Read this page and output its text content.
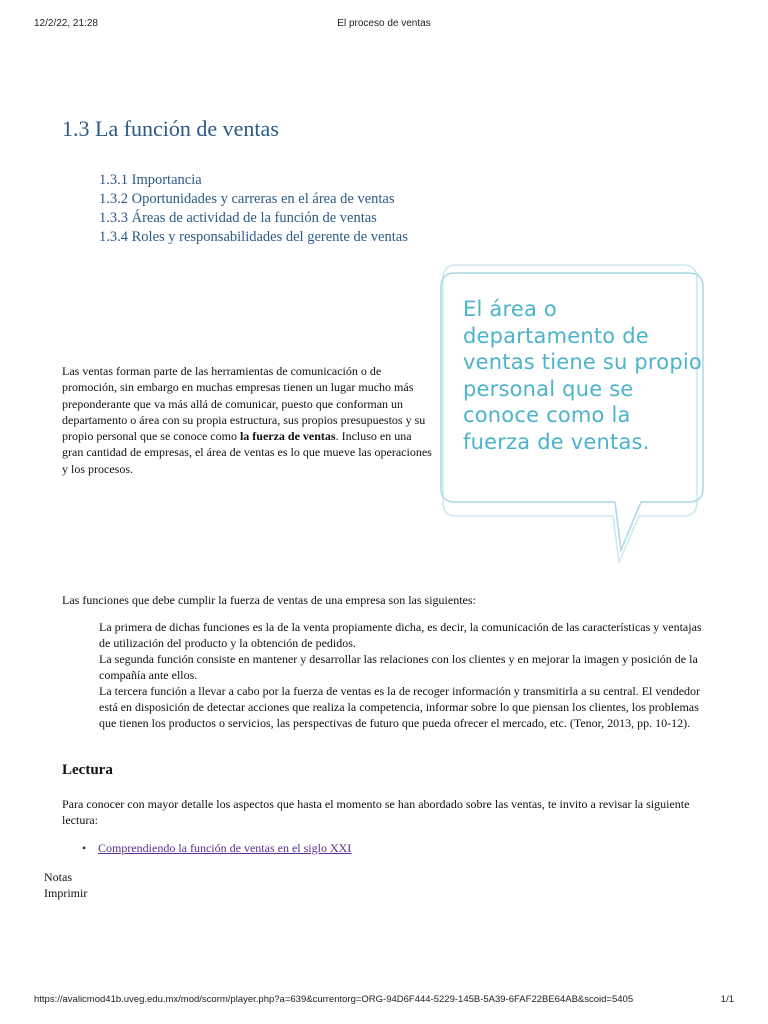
12/2/22, 21:28	El proceso de ventas
1.3 La función de ventas
1.3.1 Importancia
1.3.2 Oportunidades y carreras en el área de ventas
1.3.3 Áreas de actividad de la función de ventas
1.3.4 Roles y responsabilidades del gerente de ventas

Las ventas forman parte de las herramientas de comunicación o de promoción, sin embargo en muchas empresas tienen un lugar mucho más preponderante que va más allá de comunicar, puesto que conforman un departamento o área con su propia estructura, sus propios presupuestos y su propio personal que se conoce como la fuerza de ventas. Incluso en una gran cantidad de empresas, el área de ventas es lo que mueve las operaciones y los procesos.

El área o departamento de ventas tiene su propio personal que se conoce como la fuerza de ventas.

Las funciones que debe cumplir la fuerza de ventas de una empresa son las siguientes:

La primera de dichas funciones es la de la venta propiamente dicha, es decir, la comunicación de las características y ventajas de utilización del producto y la obtención de pedidos.
La segunda función consiste en mantener y desarrollar las relaciones con los clientes y en mejorar la imagen y posición de la compañía ante ellos.
La tercera función a llevar a cabo por la fuerza de ventas es la de recoger información y transmitirla a su central. El vendedor está en disposición de detectar acciones que realiza la competencia, informar sobre lo que piensan los clientes, los problemas que tienen los productos o servicios, las perspectivas de futuro que pueda ofrecer el mercado, etc. (Tenor, 2013, pp. 10-12).
Lectura

Para conocer con mayor detalle los aspectos que hasta el momento se han abordado sobre las ventas, te invito a revisar la siguiente lectura:

• Comprendiendo la función de ventas en el siglo XXI
Notas
Imprimir
https://avalicmod41b.uveg.edu.mx/mod/scorm/player.php?a=639&currentorg=ORG-94D6F444-5229-145B-5A39-6FAF22BE64AB&scoid=5405	1/1
